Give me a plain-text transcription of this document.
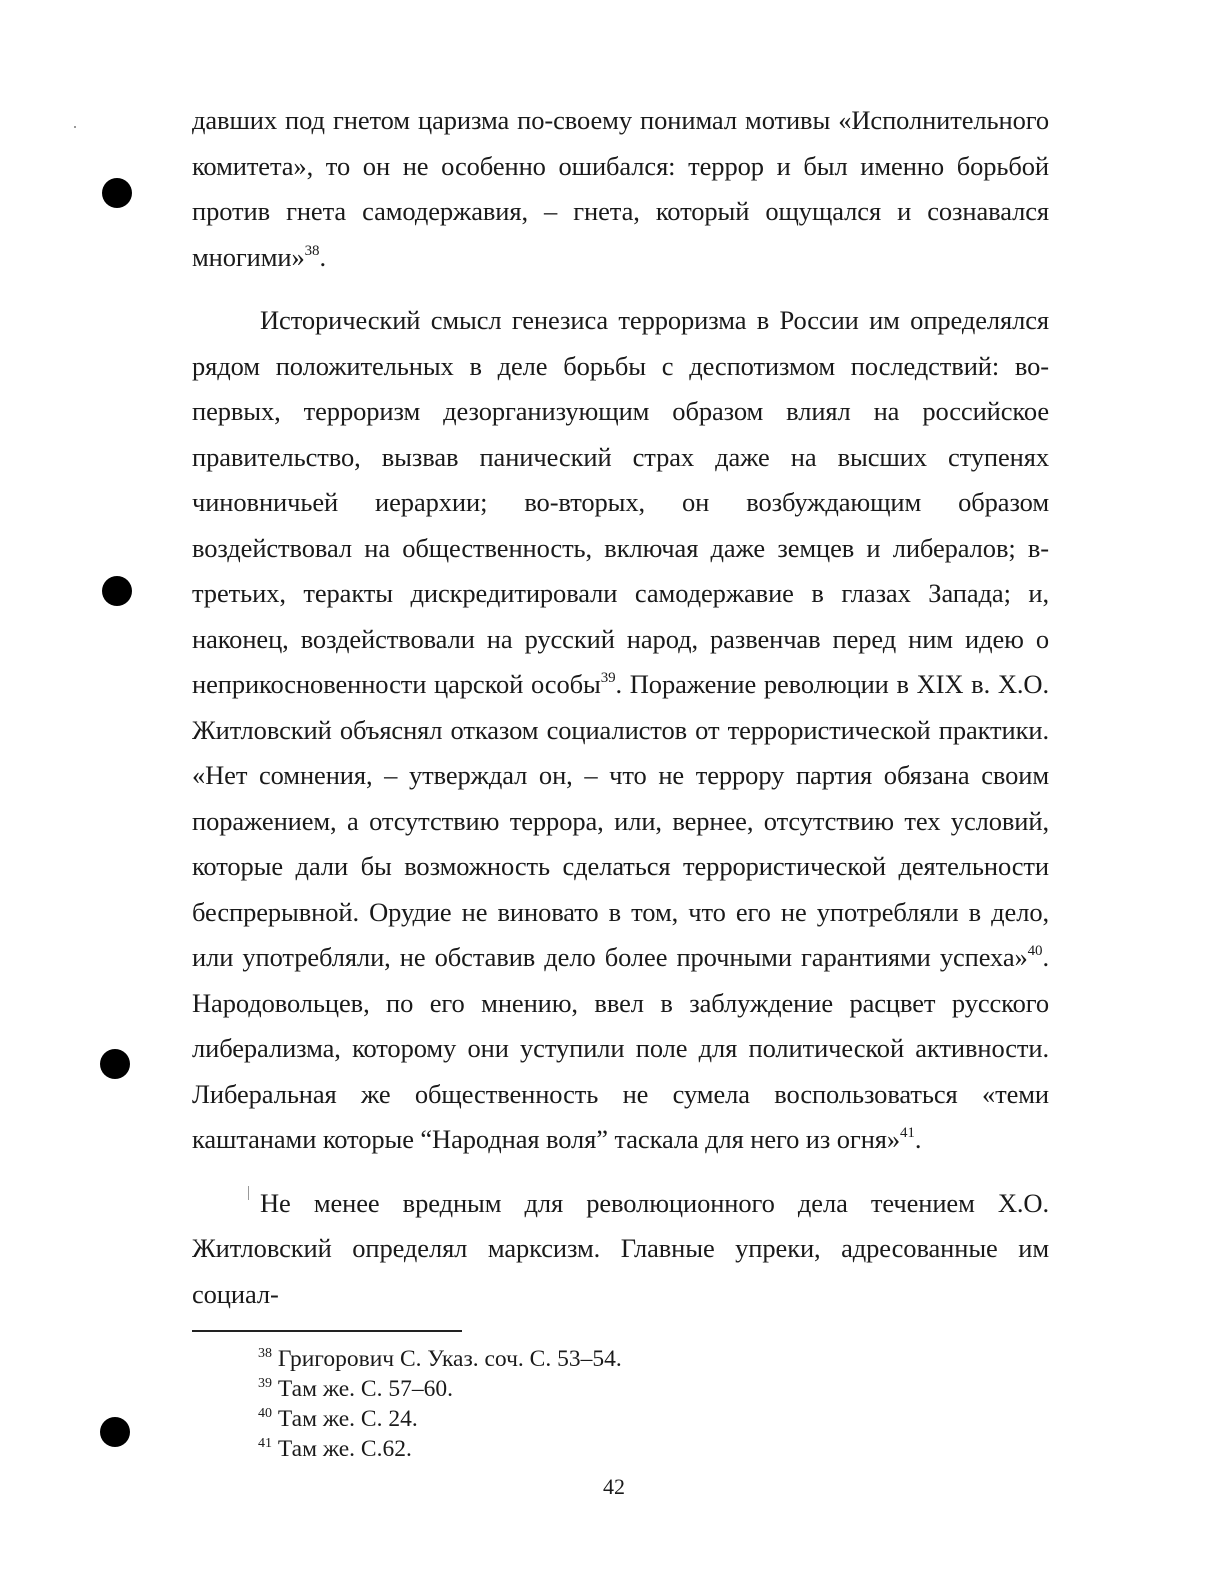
давших под гнетом царизма по-своему понимал мотивы «Исполнительного комитета», то он не особенно ошибался: террор и был именно борьбой против гнета самодержавия, – гнета, который ощущался и сознавался многими»$^{38}$.

Исторический смысл генезиса терроризма в России им определялся рядом положительных в деле борьбы с деспотизмом последствий: во-первых, терроризм дезорганизующим образом влиял на российское правительство, вызвав панический страх даже на высших ступенях чиновничьей иерархии; во-вторых, он возбуждающим образом воздействовал на общественность, включая даже земцев и либералов; в-третьих, теракты дискредитировали самодержавие в глазах Запада; и, наконец, воздействовали на русский народ, развенчав перед ним идею о неприкосновенности царской особы$^{39}$. Поражение революции в XIX в. Х.О. Житловский объяснял отказом социалистов от террористической практики. «Нет сомнения, – утверждал он, – что не террору партия обязана своим поражением, а отсутствию террора, или, вернее, отсутствию тех условий, которые дали бы возможность сделаться террористической деятельности беспрерывной. Орудие не виновато в том, что его не употребляли в дело, или употребляли, не обставив дело более прочными гарантиями успеха»$^{40}$. Народовольцев, по его мнению, ввел в заблуждение расцвет русского либерализма, которому они уступили поле для политической активности. Либеральная же общественность не сумела воспользоваться «теми каштанами которые “Народная воля” таскала для него из огня»$^{41}$.

Не менее вредным для революционного дела течением Х.О. Житловский определял марксизм. Главные упреки, адресованные им социал-

$^{38}$ Григорович С. Указ. соч. С. 53–54.
$^{39}$ Там же. С. 57–60.
$^{40}$ Там же. С. 24.
$^{41}$ Там же. С.62.
42
